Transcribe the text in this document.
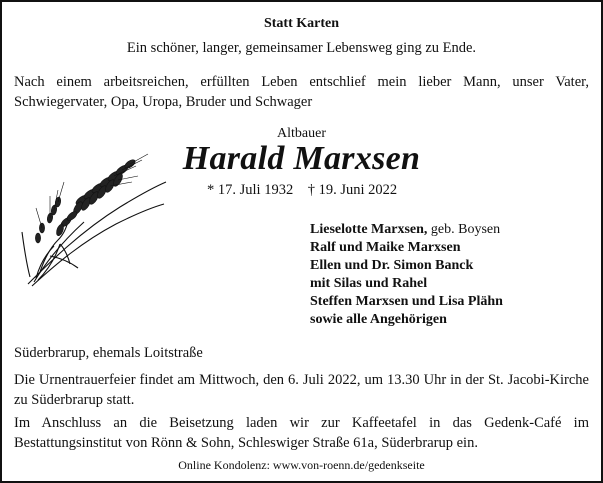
Statt Karten
Ein schöner, langer, gemeinsamer Lebensweg ging zu Ende.
Nach einem arbeitsreichen, erfüllten Leben entschlief mein lieber Mann, unser Vater, Schwiegervater, Opa, Uropa, Bruder und Schwager
Altbauer
Harald Marxsen
* 17. Juli 1932 † 19. Juni 2022
Lieselotte Marxsen, geb. Boysen
Ralf und Maike Marxsen
Ellen und Dr. Simon Banck
mit Silas und Rahel
Steffen Marxsen und Lisa Plähn
sowie alle Angehörigen
Süderbrarup, ehemals Loitstraße
Die Urnentrauerfeier findet am Mittwoch, den 6. Juli 2022, um 13.30 Uhr in der St. Jacobi-Kirche zu Süderbrarup statt.
Im Anschluss an die Beisetzung laden wir zur Kaffeetafel in das Gedenk-Café im Bestattungsinstitut von Rönn & Sohn, Schleswiger Straße 61a, Süderbrarup ein.
Online Kondolenz: www.von-roenn.de/gedenkseite
